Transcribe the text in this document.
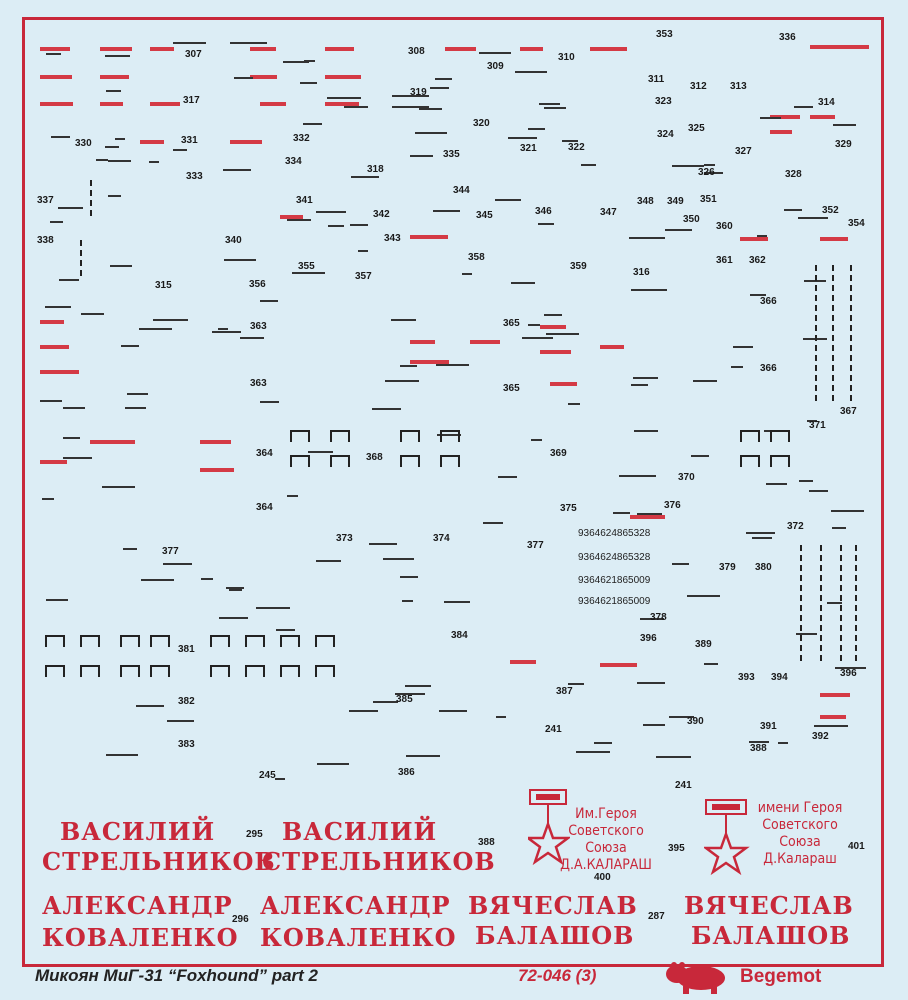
307	308
309
310
353	336
311
312 313
314
317
319
320
323
324
325
326
327
328
329
330	331	332
334
333
335
321	322
318
337	341
342
343
344
345	346	347
348 349 351
352
350
360	354
338	340
355
357
358
359
316
361 362
315	356
363	365
366
363	365
366
367
364	368	369
370
371
364	375	376
372
373	374
377
377
379 380
378
381
384	396
389
382	385
387
393 394	396
383
241
390	391
392
388
245	386
241
295
296	287
388
395
400
401
9364624865328
9364624865328
9364621865009
9364621865009
ВАСИЛИЙ
СТРЕЛЬНИКОВ
ВАСИЛИЙ
СТРЕЛЬНИКОВ
АЛЕКСАНДР
КОВАЛЕНКО
АЛЕКСАНДР
КОВАЛЕНКО
ВЯЧЕСЛАВ
БАЛАШОВ
ВЯЧЕСЛАВ
БАЛАШОВ
Им.Героя
Советского
Союза
Д.А.КАЛАРАШ
имени Героя
Советского
Союза
Д.Калараш
Микоян МиГ-31 “Foxhound” part 2	72-046 (3)	Begemot
